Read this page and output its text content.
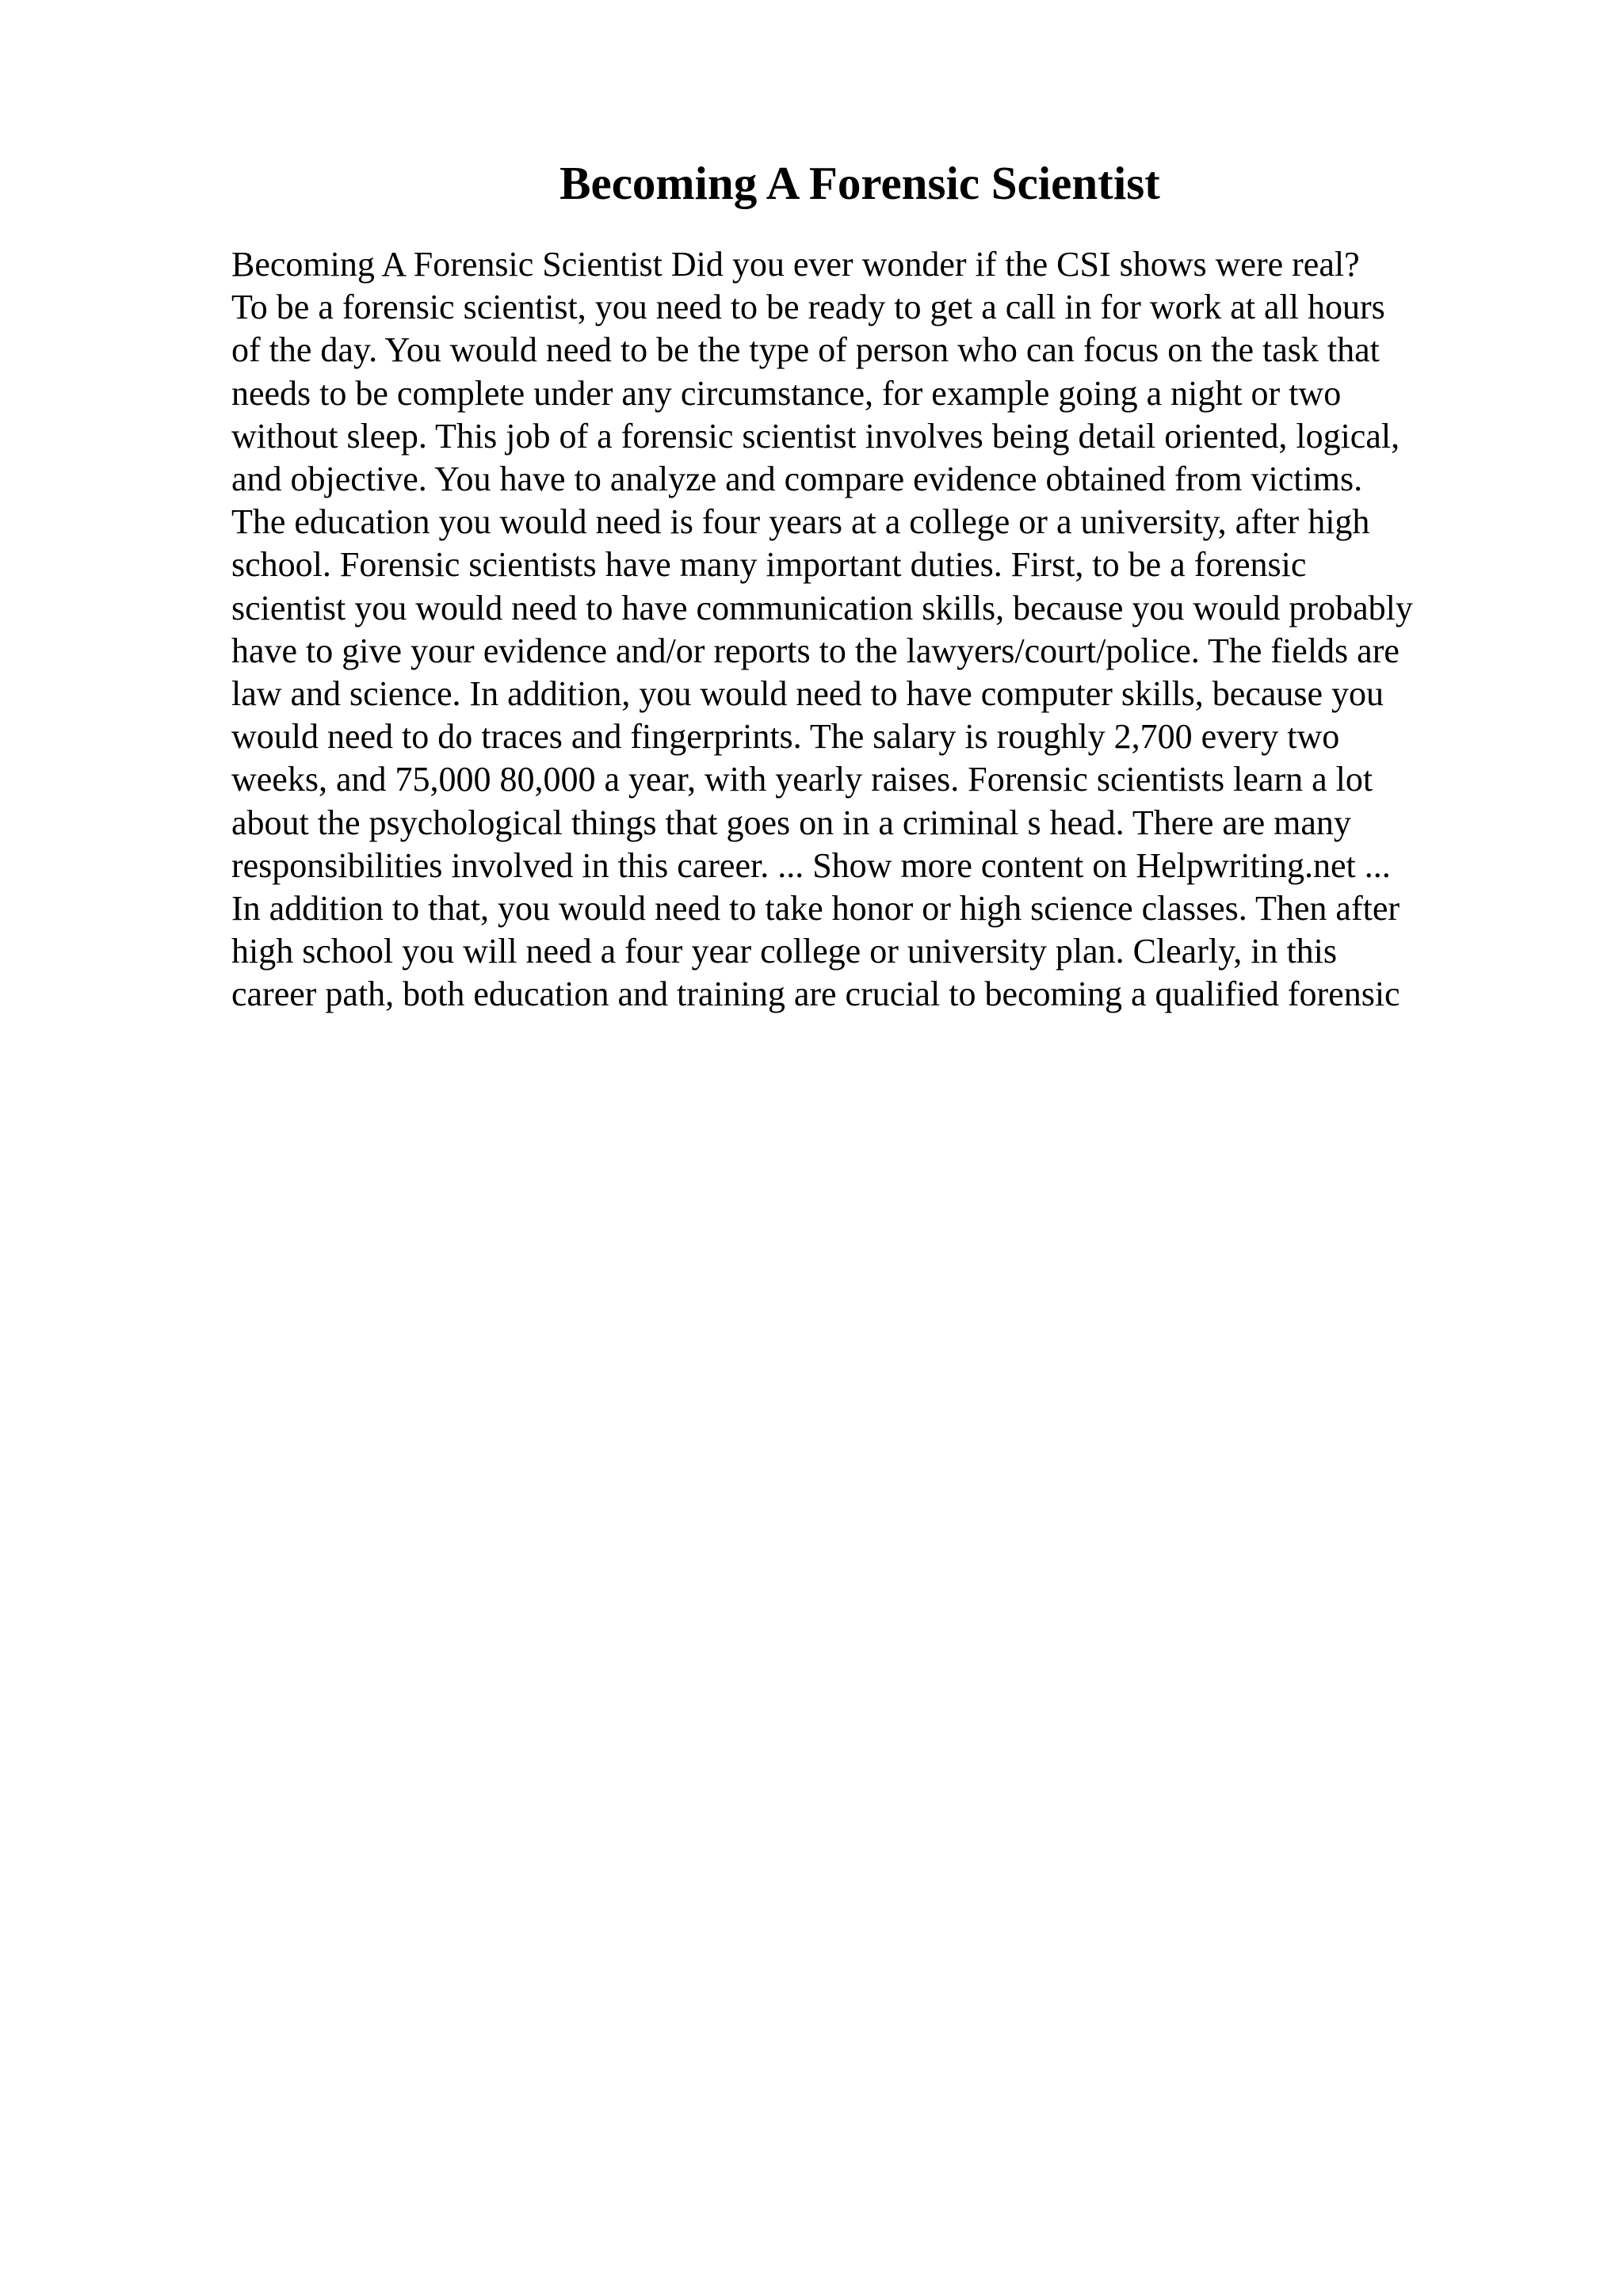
Becoming A Forensic Scientist
Becoming A Forensic Scientist Did you ever wonder if the CSI shows were real?
To be a forensic scientist, you need to be ready to get a call in for work at all hours
of the day. You would need to be the type of person who can focus on the task that
needs to be complete under any circumstance, for example going a night or two
without sleep. This job of a forensic scientist involves being detail oriented, logical,
and objective. You have to analyze and compare evidence obtained from victims.
The education you would need is four years at a college or a university, after high
school. Forensic scientists have many important duties. First, to be a forensic
scientist you would need to have communication skills, because you would probably
have to give your evidence and/or reports to the lawyers/court/police. The fields are
law and science. In addition, you would need to have computer skills, because you
would need to do traces and fingerprints. The salary is roughly 2,700 every two
weeks, and 75,000 80,000 a year, with yearly raises. Forensic scientists learn a lot
about the psychological things that goes on in a criminal s head. There are many
responsibilities involved in this career. ... Show more content on Helpwriting.net ...
In addition to that, you would need to take honor or high science classes. Then after
high school you will need a four year college or university plan. Clearly, in this
career path, both education and training are crucial to becoming a qualified forensic
